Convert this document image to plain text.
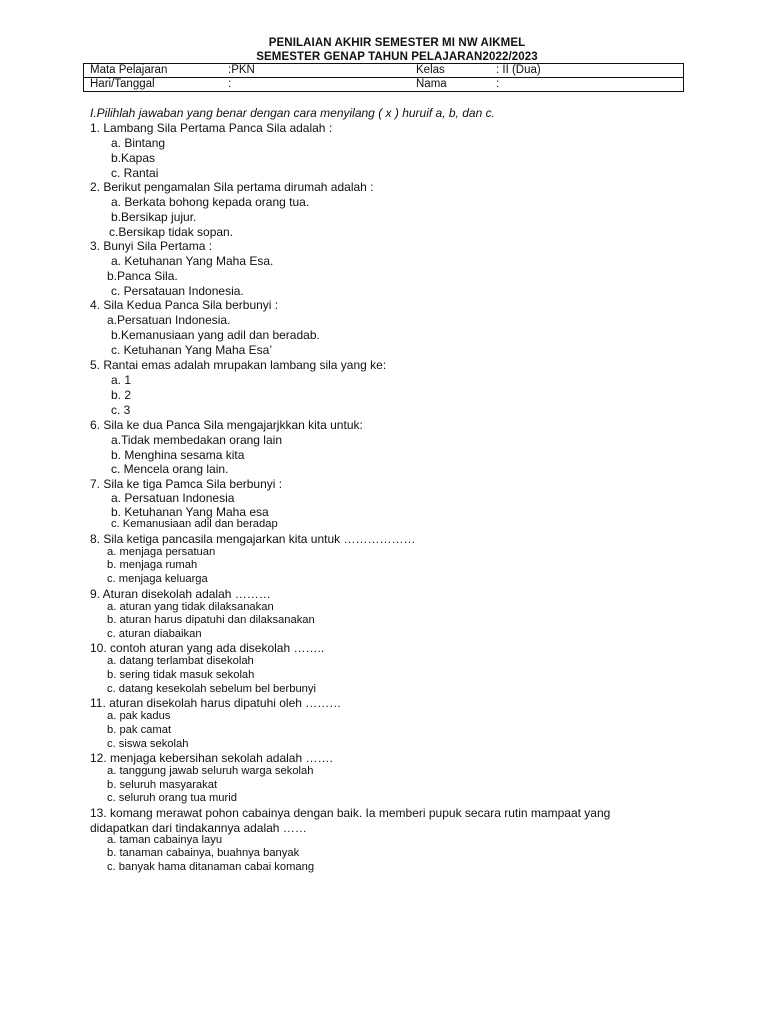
PENILAIAN AKHIR SEMESTER MI NW AIKMEL
SEMESTER GENAP TAHUN PELAJARAN2022/2023
Mata Pelajaran	:PKN	Kelas	: II (Dua)
Hari/Tanggal	:	Nama	:
I.Pilihlah jawaban yang benar dengan cara menyilang ( x ) huruif a, b, dan c.
1. Lambang Sila Pertama Panca Sila adalah :
a. Bintang
b.Kapas
c. Rantai
2. Berikut pengamalan Sila pertama dirumah adalah :
a. Berkata bohong kepada orang tua.
b.Bersikap jujur.
c.Bersikap tidak sopan.
3. Bunyi Sila Pertama :
a. Ketuhanan Yang Maha Esa.
b.Panca Sila.
c. Persatauan Indonesia.
4. Sila Kedua Panca Sila berbunyi :
a.Persatuan Indonesia.
b.Kemanusiaan yang adil dan beradab.
c. Ketuhanan Yang Maha Esa’
5. Rantai emas adalah mrupakan lambang sila yang ke:
a. 1
b. 2
c. 3
6. Sila ke dua Panca Sila mengajarjkkan kita untuk:
a.Tidak membedakan orang lain
b. Menghina sesama kita
c. Mencela orang lain.
7. Sila ke tiga Pamca Sila berbunyi :
a. Persatuan Indonesia
b. Ketuhanan Yang Maha esa
c. Kemanusiaan adil dan beradap
8. Sila ketiga pancasila mengajarkan kita untuk ………………
a. menjaga persatuan
b. menjaga rumah
c. menjaga keluarga
9. Aturan disekolah adalah ………
a. aturan yang tidak dilaksanakan
b. aturan harus dipatuhi dan dilaksanakan
c. aturan diabaikan
10. contoh aturan yang ada disekolah ……..
a. datang terlambat disekolah
b. sering tidak masuk sekolah
c. datang kesekolah sebelum bel berbunyi
11. aturan disekolah harus dipatuhi oleh ………
a. pak kadus
b. pak camat
c. siswa sekolah
12. menjaga kebersihan sekolah adalah …….
a. tanggung jawab seluruh warga sekolah
b. seluruh masyarakat
c. seluruh orang tua murid
13. komang merawat pohon cabainya dengan baik. Ia memberi pupuk secara rutin mampaat yang
didapatkan dari tindakannya adalah ……
a. taman cabainya layu
b. tanaman cabainya, buahnya banyak
c. banyak hama ditanaman cabai komang
